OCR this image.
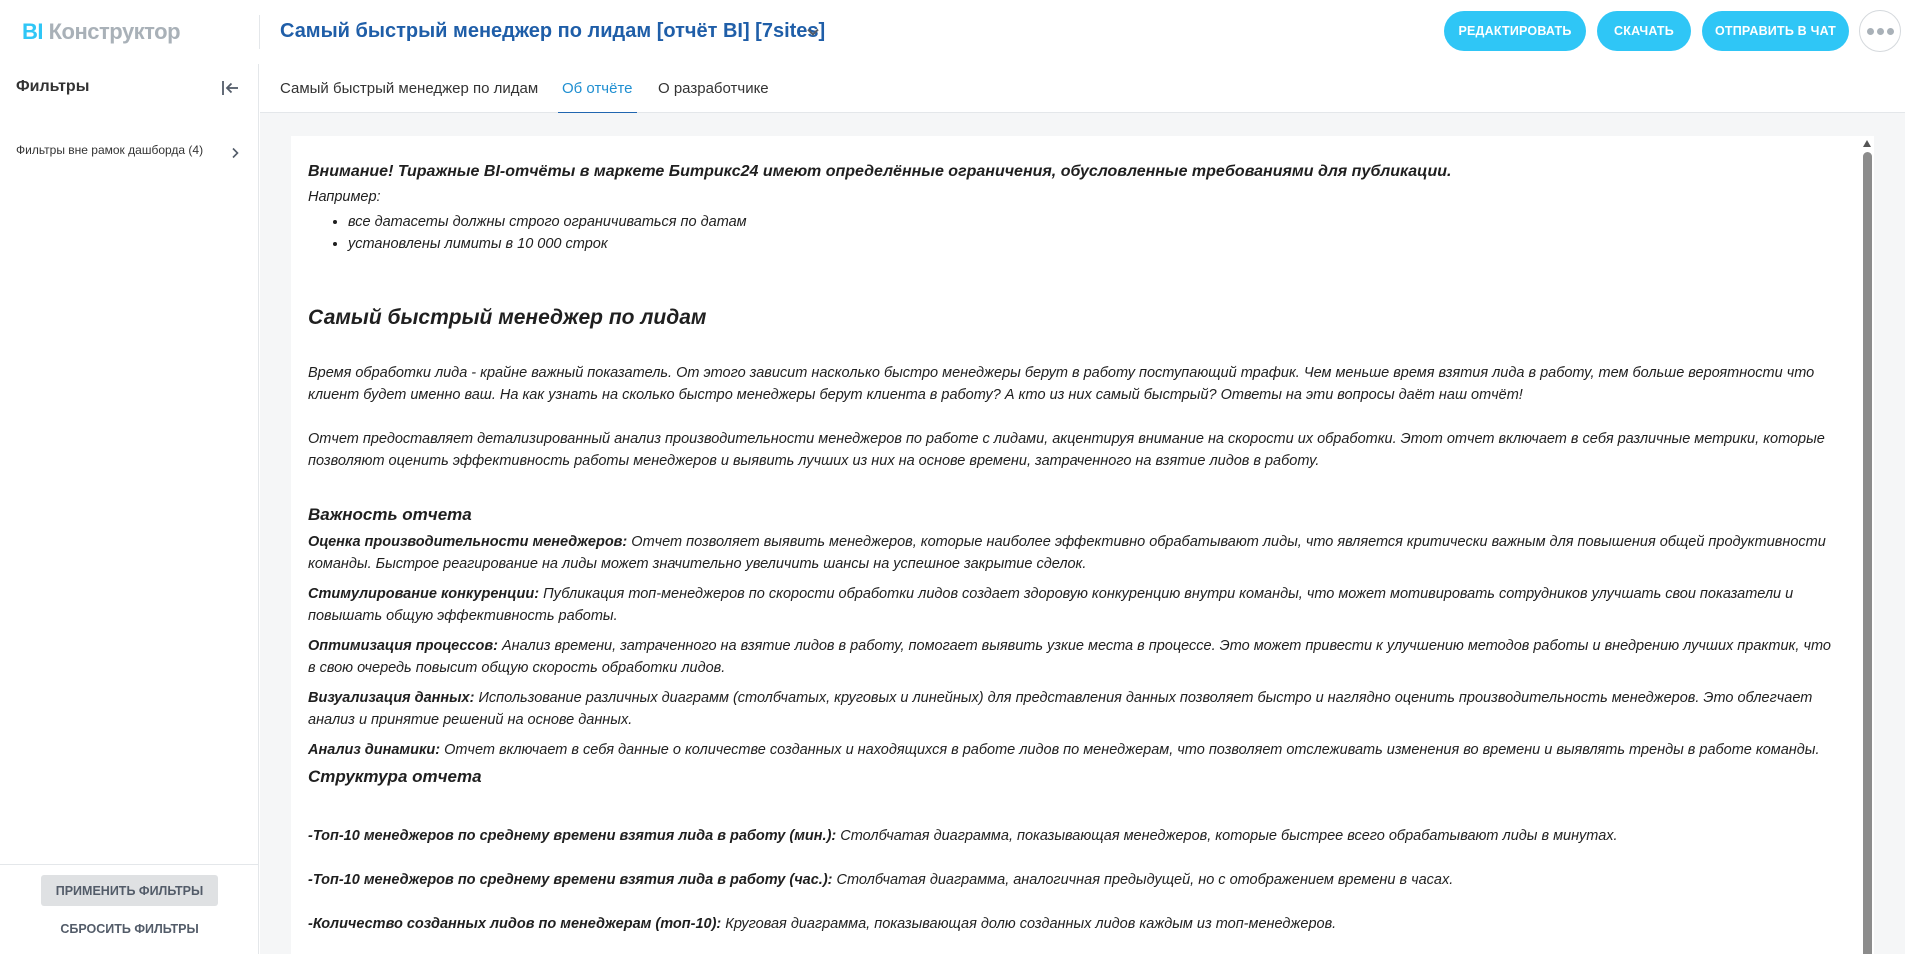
BI Конструктор	Самый быстрый менеджер по лидам [отчёт BI] [7sites]	РЕДАКТИРОВАТЬ	СКАЧАТЬ	ОТПРАВИТЬ В ЧАТ
Фильтры
Фильтры вне рамок дашборда (4)
ПРИМЕНИТЬ ФИЛЬТРЫ
СБРОСИТЬ ФИЛЬТРЫ
Самый быстрый менеджер по лидам Об отчёте О разработчике
Внимание! Тиражные BI-отчёты в маркете Битрикс24 имеют определённые ограничения, обусловленные требованиями для публикации.
Например:
• все датасеты должны строго ограничиваться по датам
• установлены лимиты в 10 000 строк
Самый быстрый менеджер по лидам
Время обработки лида - крайне важный показатель. От этого зависит насколько быстро менеджеры берут в работу поступающий трафик. Чем меньше время взятия лида в работу, тем больше вероятности что клиент будет именно ваш. На как узнать на сколько быстро менеджеры берут клиента в работу? А кто из них самый быстрый? Ответы на эти вопросы даёт наш отчёт!
Отчет предоставляет детализированный анализ производительности менеджеров по работе с лидами, акцентируя внимание на скорости их обработки. Этот отчет включает в себя различные метрики, которые позволяют оценить эффективность работы менеджеров и выявить лучших из них на основе времени, затраченного на взятие лидов в работу.
Важность отчета
Оценка производительности менеджеров: Отчет позволяет выявить менеджеров, которые наиболее эффективно обрабатывают лиды, что является критически важным для повышения общей продуктивности команды. Быстрое реагирование на лиды может значительно увеличить шансы на успешное закрытие сделок.
Стимулирование конкуренции: Публикация топ-менеджеров по скорости обработки лидов создает здоровую конкуренцию внутри команды, что может мотивировать сотрудников улучшать свои показатели и повышать общую эффективность работы.
Оптимизация процессов: Анализ времени, затраченного на взятие лидов в работу, помогает выявить узкие места в процессе. Это может привести к улучшению методов работы и внедрению лучших практик, что в свою очередь повысит общую скорость обработки лидов.
Визуализация данных: Использование различных диаграмм (столбчатых, круговых и линейных) для представления данных позволяет быстро и наглядно оценить производительность менеджеров. Это облегчает анализ и принятие решений на основе данных.
Анализ динамики: Отчет включает в себя данные о количестве созданных и находящихся в работе лидов по менеджерам, что позволяет отслеживать изменения во времени и выявлять тренды в работе команды.
Структура отчета
-Топ-10 менеджеров по среднему времени взятия лида в работу (мин.): Столбчатая диаграмма, показывающая менеджеров, которые быстрее всего обрабатывают лиды в минутах.
-Топ-10 менеджеров по среднему времени взятия лида в работу (час.): Столбчатая диаграмма, аналогичная предыдущей, но с отображением времени в часах.
-Количество созданных лидов по менеджерам (топ-10): Круговая диаграмма, показывающая долю созданных лидов каждым из топ-менеджеров.
